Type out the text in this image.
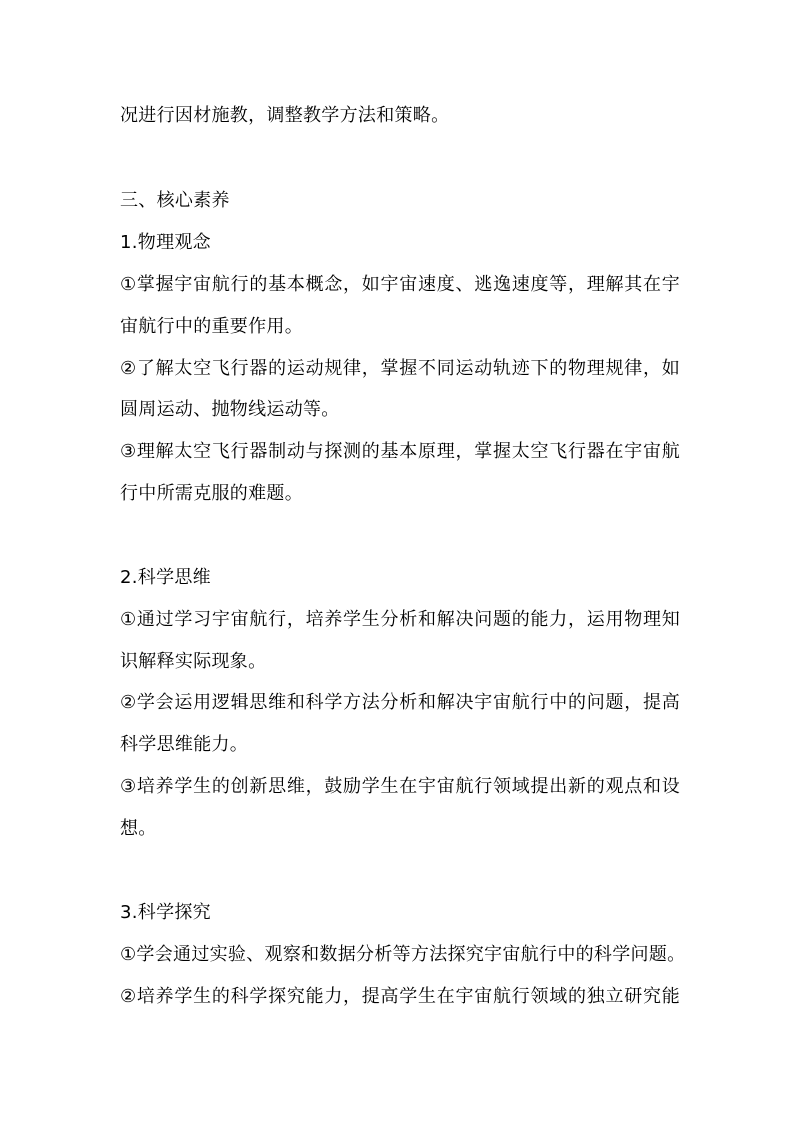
况进行因材施教，调整教学方法和策略。
三、核心素养
1.物理观念
①掌握宇宙航行的基本概念，如宇宙速度、逃逸速度等，理解其在宇
宙航行中的重要作用。
②了解太空飞行器的运动规律，掌握不同运动轨迹下的物理规律，如
圆周运动、抛物线运动等。
③理解太空飞行器制动与探测的基本原理，掌握太空飞行器在宇宙航
行中所需克服的难题。
2.科学思维
①通过学习宇宙航行，培养学生分析和解决问题的能力，运用物理知
识解释实际现象。
②学会运用逻辑思维和科学方法分析和解决宇宙航行中的问题，提高
科学思维能力。
③培养学生的创新思维，鼓励学生在宇宙航行领域提出新的观点和设
想。
3.科学探究
①学会通过实验、观察和数据分析等方法探究宇宙航行中的科学问题。
②培养学生的科学探究能力，提高学生在宇宙航行领域的独立研究能
